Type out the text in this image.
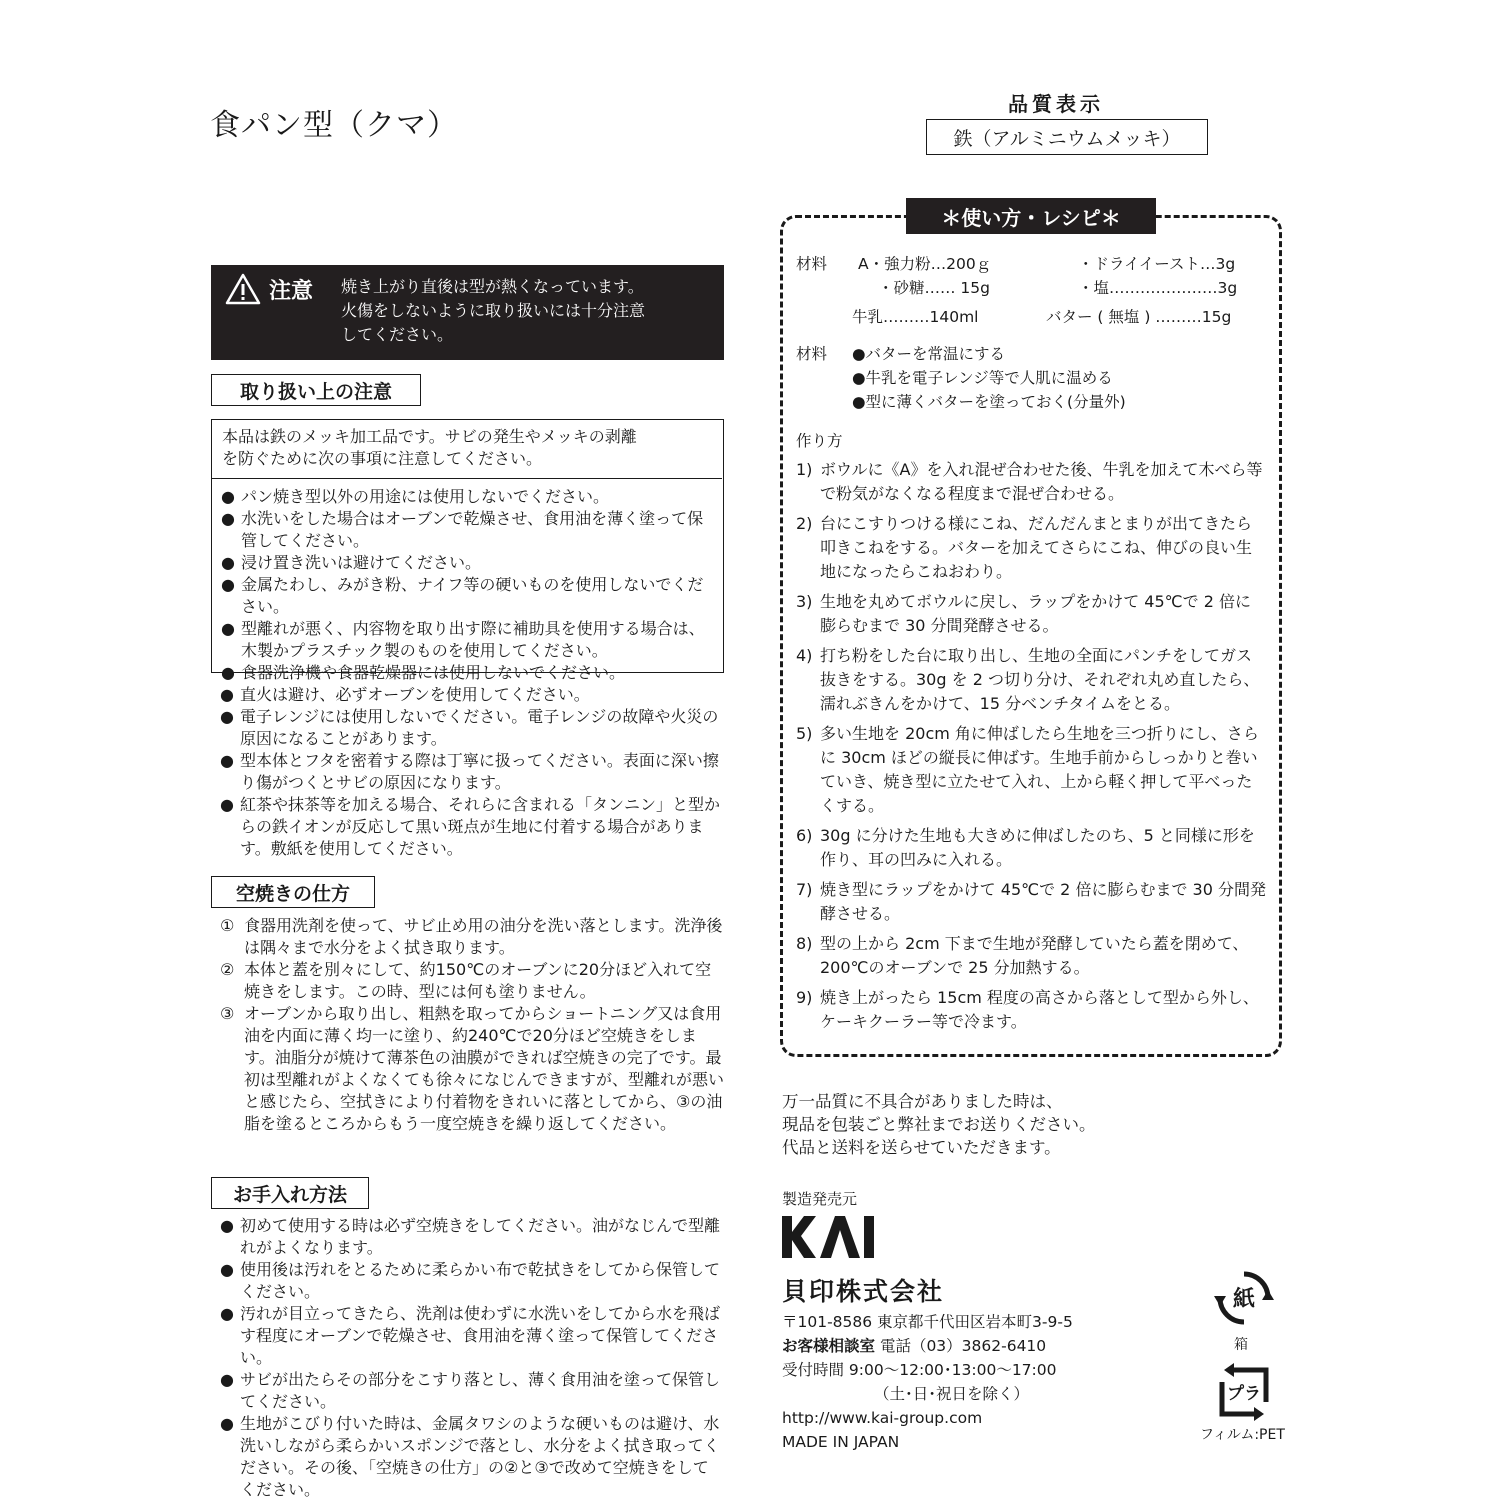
食パン型（クマ）
品質表示
鉄（アルミニウムメッキ）
注意 焼き上がり直後は型が熱くなっています。
火傷をしないように取り扱いには十分注意
してください。
取り扱い上の注意
本品は鉄のメッキ加工品です。サビの発生やメッキの剥離
を防ぐために次の事項に注意してください。
● パン焼き型以外の用途には使用しないでください。
● 水洗いをした場合はオーブンで乾燥させ、食用油を薄く塗って保管してください。
● 浸け置き洗いは避けてください。
● 金属たわし、みがき粉、ナイフ等の硬いものを使用しないでください。
● 型離れが悪く、内容物を取り出す際に補助具を使用する場合は、木製かプラスチック製のものを使用してください。
● 食器洗浄機や食器乾燥器には使用しないでください。
● 直火は避け、必ずオーブンを使用してください。
● 電子レンジには使用しないでください。電子レンジの故障や火災の原因になることがあります。
● 型本体とフタを密着する際は丁寧に扱ってください。表面に深い擦り傷がつくとサビの原因になります。
● 紅茶や抹茶等を加える場合、それらに含まれる「タンニン」と型からの鉄イオンが反応して黒い斑点が生地に付着する場合があります。敷紙を使用してください。
空焼きの仕方
① 食器用洗剤を使って、サビ止め用の油分を洗い落とします。洗浄後は隅々まで水分をよく拭き取ります。
② 本体と蓋を別々にして、約150℃のオーブンに20分ほど入れて空焼きをします。この時、型には何も塗りません。
③ オーブンから取り出し、粗熱を取ってからショートニング又は食用油を内面に薄く均一に塗り、約240℃で20分ほど空焼きをします。油脂分が焼けて薄茶色の油膜ができれば空焼きの完了です。最初は型離れがよくなくても徐々になじんできますが、型離れが悪いと感じたら、空拭きにより付着物をきれいに落としてから、③の油脂を塗るところからもう一度空焼きを繰り返してください。
お手入れ方法
● 初めて使用する時は必ず空焼きをしてください。油がなじんで型離れがよくなります。
● 使用後は汚れをとるために柔らかい布で乾拭きをしてから保管してください。
● 汚れが目立ってきたら、洗剤は使わずに水洗いをしてから水を飛ばす程度にオーブンで乾燥させ、食用油を薄く塗って保管してください。
● サビが出たらその部分をこすり落とし、薄く食用油を塗って保管してください。
● 生地がこびり付いた時は、金属タワシのような硬いものは避け、水洗いしながら柔らかいスポンジで落とし、水分をよく拭き取ってください。その後、「空焼きの仕方」の②と③で改めて空焼きをしてください。
＊使い方・レシピ＊
材料 A・強力粉…200ｇ
・砂糖…… 15g
・ドライイースト…3g
・塩…………………3g
牛乳………140ml	バター ( 無塩 ) ………15g
材料 ●バターを常温にする
●牛乳を電子レンジ等で人肌に温める
●型に薄くバターを塗っておく(分量外)
作り方
1) ボウルに《A》を入れ混ぜ合わせた後、牛乳を加えて木べら等で粉気がなくなる程度まで混ぜ合わせる。
2) 台にこすりつける様にこね、だんだんまとまりが出てきたら叩きこねをする。バターを加えてさらにこね、伸びの良い生地になったらこねおわり。
3) 生地を丸めてボウルに戻し、ラップをかけて 45℃で 2 倍に膨らむまで 30 分間発酵させる。
4) 打ち粉をした台に取り出し、生地の全面にパンチをしてガス抜きをする。30g を 2 つ切り分け、それぞれ丸め直したら、濡れぶきんをかけて、15 分ベンチタイムをとる。
5) 多い生地を 20cm 角に伸ばしたら生地を三つ折りにし、さらに 30cm ほどの縦長に伸ばす。生地手前からしっかりと巻いていき、焼き型に立たせて入れ、上から軽く押して平べったくする。
6) 30g に分けた生地も大きめに伸ばしたのち、5 と同様に形を作り、耳の凹みに入れる。
7) 焼き型にラップをかけて 45℃で 2 倍に膨らむまで 30 分間発酵させる。
8) 型の上から 2cm 下まで生地が発酵していたら蓋を閉めて、200℃のオーブンで 25 分加熱する。
9) 焼き上がったら 15cm 程度の高さから落として型から外し、ケーキクーラー等で冷ます。
万一品質に不具合がありました時は、
現品を包装ごと弊社までお送りください。
代品と送料を送らせていただきます。
製造発売元
貝印株式会社
〒101-8586 東京都千代田区岩本町3-9-5
お客様相談室 電話（03）3862-6410
受付時間 9:00～12:00･13:00～17:00
（土･日･祝日を除く）
http://www.kai-group.com
MADE IN JAPAN
紙
箱
プラ
フィルム:PET
